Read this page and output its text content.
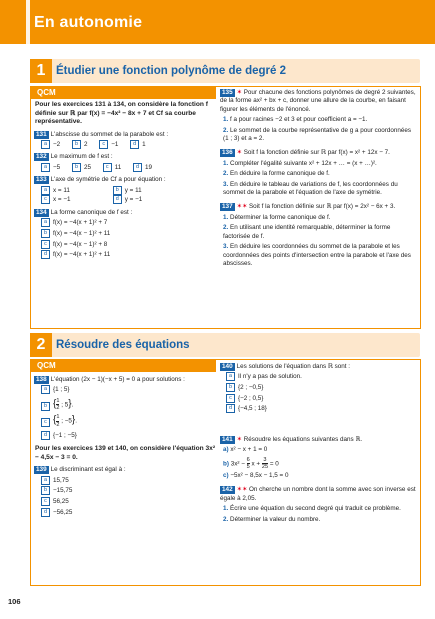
En autonomie
1 Étudier une fonction polynôme de degré 2
QCM
Pour les exercices 131 à 134, on considère la fonction f définie sur ℝ par f(x) = −4x² − 8x + 7 et Cf sa courbe représentative.
131 L'abscisse du sommet de la parabole est :
a −2	b 2	c −1	d 1
132 Le maximum de f est :
a −5	b 25	c 11	d 19
133 L'axe de symétrie de Cf a pour équation :
a x = 11	b y = 11
c x = −1	d y = −1
134 La forme canonique de f est :
a f(x) = −4(x + 1)² + 7
b f(x) = −4(x − 1)² + 11
c f(x) = −4(x − 1)² + 8
d f(x) = −4(x + 1)² + 11
135 ✶ Pour chacune des fonctions polynômes de degré 2 suivantes, de la forme ax² + bx + c, donner une allure de la courbe, en faisant figurer les éléments de l'énoncé.
1. f a pour racines −2 et 3 et pour coefficient a = −1.
2. Le sommet de la courbe représentative de g a pour coordonnées (1 ; 3) et a = 2.
136 ✶ Soit f la fonction définie sur ℝ par f(x) = x² + 12x − 7.
1. Compléter l'égalité suivante x² + 12x + … = (x + …)².
2. En déduire la forme canonique de f.
3. En déduire le tableau de variations de f, les coordonnées du sommet de la parabole et l'équation de l'axe de symétrie.
137 ✶✶ Soit f la fonction définie sur ℝ par f(x) = 2x² − 6x + 3.
1. Déterminer la forme canonique de f.
2. En utilisant une identité remarquable, déterminer la forme factorisée de f.
3. En déduire les coordonnées du sommet de la parabole et les coordonnées des points d'intersection entre la parabole et l'axe des abscisses.
2 Résoudre des équations
QCM
138 L'équation (2x − 1)(−x + 5) = 0 a pour solutions :
a {1 ; 5}
b { $\frac{1}{2}$ ; 5}.
c { $\frac{1}{2}$ ; −5}.
d {−1 ; −5}
Pour les exercices 139 et 140, on considère l'équation 3x² − 4,5x − 3 = 0.
139 Le discriminant est égal à :
a 15,75
b −15,75
c 56,25
d −56,25
140 Les solutions de l'équation dans ℝ sont :
a Il n'y a pas de solution.
b {2 ; −0,5}
c {−2 ; 0,5}
d {−4,5 ; 18}
141 ✶ Résoudre les équations suivantes dans ℝ.
a) x² − x + 1 = 0
b) $3x^2 - \frac{6}{5}$ $x + \frac{3}{25} = 0$
c) −5x² − 8,5x − 1,5 = 0
142 ✶✶ On cherche un nombre dont la somme avec son inverse est égale à 2,05.
1. Écrire une équation du second degré qui traduit ce problème.
2. Déterminer la valeur du nombre.
106
